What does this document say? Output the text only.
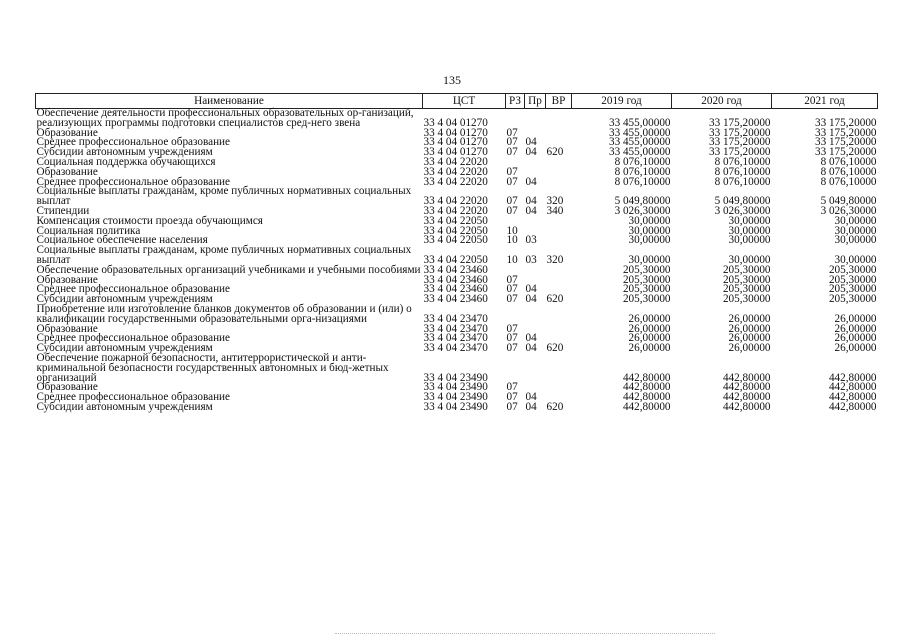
135
Наименование	ЦСТ	РЗ	Пр	ВР	2019 год	2020 год	2021 год
Обеспечение деятельности профессиональных образовательных ор-ганизаций, реализующих программы подготовки специалистов сред-него звена	33 4 04 01270				33 455,00000	33 175,20000	33 175,20000
Образование	33 4 04 01270	07			33 455,00000	33 175,20000	33 175,20000
Среднее профессиональное образование	33 4 04 01270	07	04		33 455,00000	33 175,20000	33 175,20000
Субсидии автономным учреждениям	33 4 04 01270	07	04	620	33 455,00000	33 175,20000	33 175,20000
Социальная поддержка обучающихся	33 4 04 22020				8 076,10000	8 076,10000	8 076,10000
Образование	33 4 04 22020	07			8 076,10000	8 076,10000	8 076,10000
Среднее профессиональное образование	33 4 04 22020	07	04		8 076,10000	8 076,10000	8 076,10000
Социальные выплаты гражданам, кроме публичных нормативных социальных выплат	33 4 04 22020	07	04	320	5 049,80000	5 049,80000	5 049,80000
Стипендии	33 4 04 22020	07	04	340	3 026,30000	3 026,30000	3 026,30000
Компенсация стоимости проезда обучающимся	33 4 04 22050				30,00000	30,00000	30,00000
Социальная политика	33 4 04 22050	10			30,00000	30,00000	30,00000
Социальное обеспечение населения	33 4 04 22050	10	03		30,00000	30,00000	30,00000
Социальные выплаты гражданам, кроме публичных нормативных социальных выплат	33 4 04 22050	10	03	320	30,00000	30,00000	30,00000
Обеспечение образовательных организаций учебниками и учебными пособиями	33 4 04 23460				205,30000	205,30000	205,30000
Образование	33 4 04 23460	07			205,30000	205,30000	205,30000
Среднее профессиональное образование	33 4 04 23460	07	04		205,30000	205,30000	205,30000
Субсидии автономным учреждениям	33 4 04 23460	07	04	620	205,30000	205,30000	205,30000
Приобретение или изготовление бланков документов об образовании и (или) о квалификации государственными образовательными орга-низациями	33 4 04 23470				26,00000	26,00000	26,00000
Образование	33 4 04 23470	07			26,00000	26,00000	26,00000
Среднее профессиональное образование	33 4 04 23470	07	04		26,00000	26,00000	26,00000
Субсидии автономным учреждениям	33 4 04 23470	07	04	620	26,00000	26,00000	26,00000
Обеспечение пожарной безопасности, антитеррористической и анти-криминальной безопасности государственных автономных и бюд-жетных организаций	33 4 04 23490				442,80000	442,80000	442,80000
Образование	33 4 04 23490	07			442,80000	442,80000	442,80000
Среднее профессиональное образование	33 4 04 23490	07	04		442,80000	442,80000	442,80000
Субсидии автономным учреждениям	33 4 04 23490	07	04	620	442,80000	442,80000	442,80000
